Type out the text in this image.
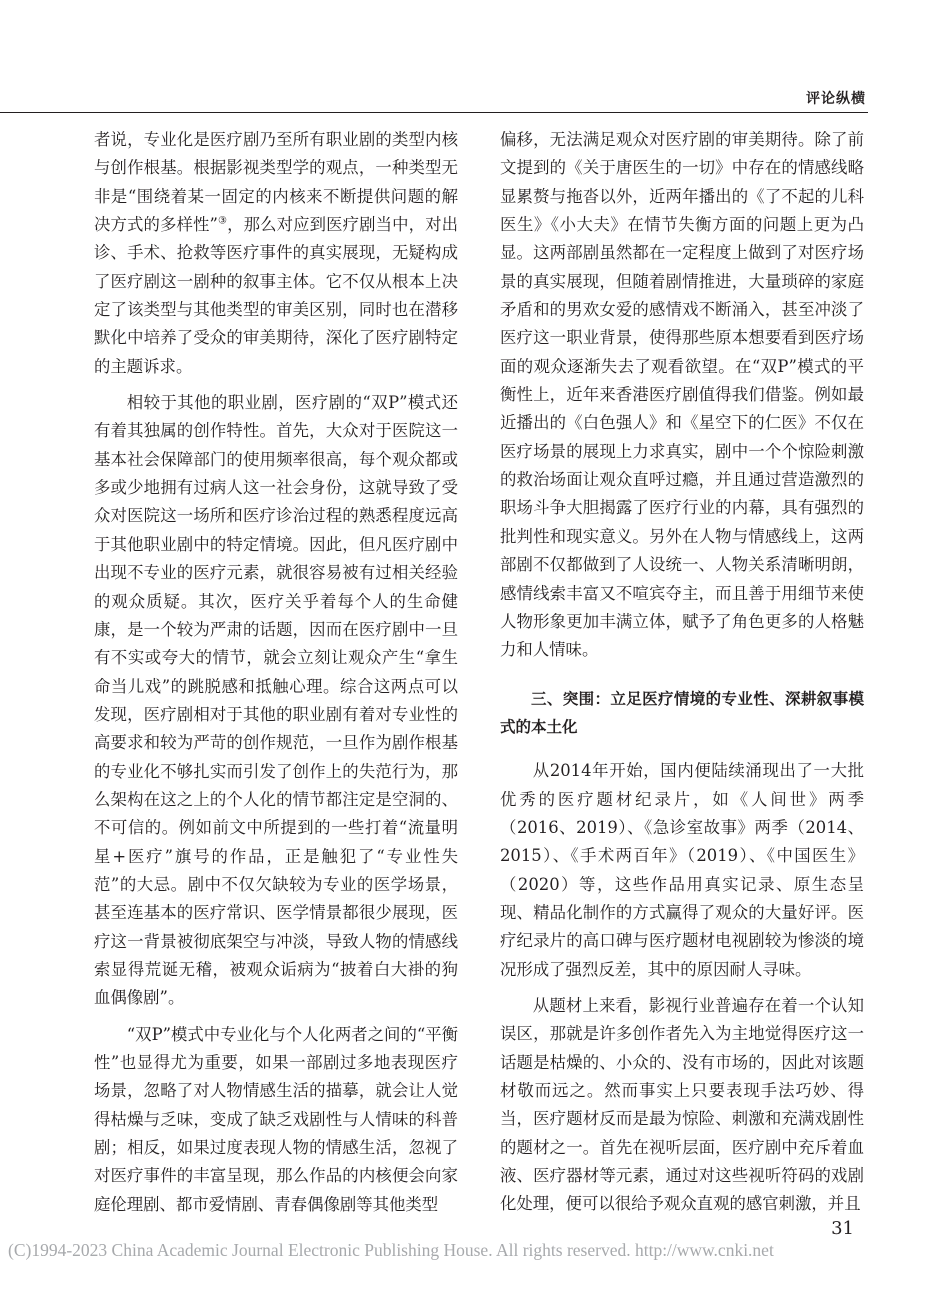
评论纵横

者说，专业化是医疗剧乃至所有职业剧的类型内核与创作根基。根据影视类型学的观点，一种类型无非是“围绕着某一固定的内核来不断提供问题的解决方式的多样性”③，那么对应到医疗剧当中，对出诊、手术、抢救等医疗事件的真实展现，无疑构成了医疗剧这一剧种的叙事主体。它不仅从根本上决定了该类型与其他类型的审美区别，同时也在潜移默化中培养了受众的审美期待，深化了医疗剧特定的主题诉求。

相较于其他的职业剧，医疗剧的“双P”模式还有着其独属的创作特性。首先，大众对于医院这一基本社会保障部门的使用频率很高，每个观众都或多或少地拥有过病人这一社会身份，这就导致了受众对医院这一场所和医疗诊治过程的熟悉程度远高于其他职业剧中的特定情境。因此，但凡医疗剧中出现不专业的医疗元素，就很容易被有过相关经验的观众质疑。其次，医疗关乎着每个人的生命健康，是一个较为严肃的话题，因而在医疗剧中一旦有不实或夸大的情节，就会立刻让观众产生“拿生命当儿戏”的跳脱感和抵触心理。综合这两点可以发现，医疗剧相对于其他的职业剧有着对专业性的高要求和较为严苛的创作规范，一旦作为剧作根基的专业化不够扎实而引发了创作上的失范行为，那么架构在这之上的个人化的情节都注定是空洞的、不可信的。例如前文中所提到的一些打着“流量明星+医疗”旗号的作品，正是触犯了“专业性失范”的大忌。剧中不仅欠缺较为专业的医学场景，甚至连基本的医疗常识、医学情景都很少展现，医疗这一背景被彻底架空与冲淡，导致人物的情感线索显得荒诞无稽，被观众诟病为“披着白大褂的狗血偶像剧”。

“双P”模式中专业化与个人化两者之间的“平衡性”也显得尤为重要，如果一部剧过多地表现医疗场景，忽略了对人物情感生活的描摹，就会让人觉得枯燥与乏味，变成了缺乏戏剧性与人情味的科普剧；相反，如果过度表现人物的情感生活，忽视了对医疗事件的丰富呈现，那么作品的内核便会向家庭伦理剧、都市爱情剧、青春偶像剧等其他类型

偏移，无法满足观众对医疗剧的审美期待。除了前文提到的《关于唐医生的一切》中存在的情感线略显累赘与拖沓以外，近两年播出的《了不起的儿科医生》《小大夫》在情节失衡方面的问题上更为凸显。这两部剧虽然都在一定程度上做到了对医疗场景的真实展现，但随着剧情推进，大量琐碎的家庭矛盾和的男欢女爱的感情戏不断涌入，甚至冲淡了医疗这一职业背景，使得那些原本想要看到医疗场面的观众逐渐失去了观看欲望。在“双P”模式的平衡性上，近年来香港医疗剧值得我们借鉴。例如最近播出的《白色强人》和《星空下的仁医》不仅在医疗场景的展现上力求真实，剧中一个个惊险刺激的救治场面让观众直呼过瘾，并且通过营造激烈的职场斗争大胆揭露了医疗行业的内幕，具有强烈的批判性和现实意义。另外在人物与情感线上，这两部剧不仅都做到了人设统一、人物关系清晰明朗，感情线索丰富又不喧宾夺主，而且善于用细节来使人物形象更加丰满立体，赋予了角色更多的人格魅力和人情味。

三、突围：立足医疗情境的专业性、深耕叙事模式的本土化

从2014年开始，国内便陆续涌现出了一大批优秀的医疗题材纪录片，如《人间世》两季（2016、2019）、《急诊室故事》两季（2014、2015）、《手术两百年》（2019）、《中国医生》（2020）等，这些作品用真实记录、原生态呈现、精品化制作的方式赢得了观众的大量好评。医疗纪录片的高口碑与医疗题材电视剧较为惨淡的境况形成了强烈反差，其中的原因耐人寻味。

从题材上来看，影视行业普遍存在着一个认知误区，那就是许多创作者先入为主地觉得医疗这一话题是枯燥的、小众的、没有市场的，因此对该题材敬而远之。然而事实上只要表现手法巧妙、得当，医疗题材反而是最为惊险、刺激和充满戏剧性的题材之一。首先在视听层面，医疗剧中充斥着血液、医疗器材等元素，通过对这些视听符码的戏剧化处理，便可以很给予观众直观的感官刺激，并且

31
(C)1994-2023 China Academic Journal Electronic Publishing House. All rights reserved. http://www.cnki.net
